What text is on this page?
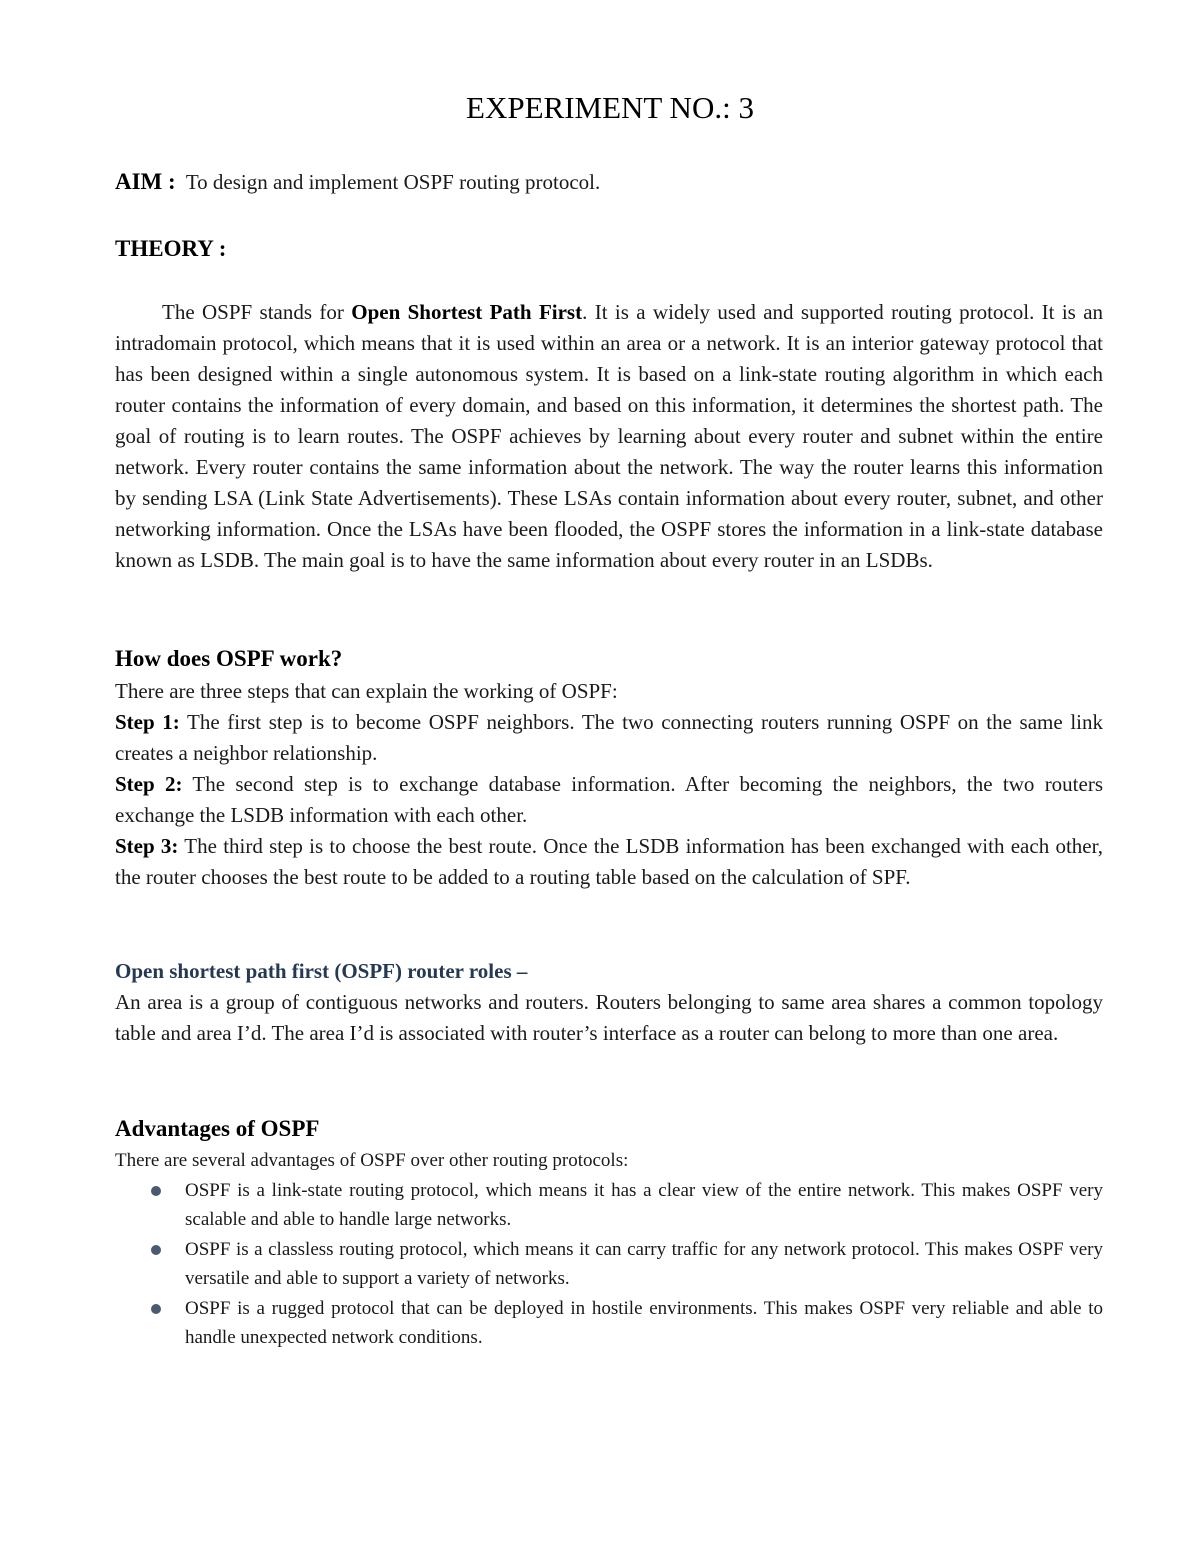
EXPERIMENT NO.: 3
AIM : To design and implement OSPF routing protocol.
THEORY :

The OSPF stands for Open Shortest Path First. It is a widely used and supported routing protocol. It is an intradomain protocol, which means that it is used within an area or a network. It is an interior gateway protocol that has been designed within a single autonomous system. It is based on a link-state routing algorithm in which each router contains the information of every domain, and based on this information, it determines the shortest path. The goal of routing is to learn routes. The OSPF achieves by learning about every router and subnet within the entire network. Every router contains the same information about the network. The way the router learns this information by sending LSA (Link State Advertisements). These LSAs contain information about every router, subnet, and other networking information. Once the LSAs have been flooded, the OSPF stores the information in a link-state database known as LSDB. The main goal is to have the same information about every router in an LSDBs.

How does OSPF work?

There are three steps that can explain the working of OSPF:

Step 1: The first step is to become OSPF neighbors. The two connecting routers running OSPF on the same link creates a neighbor relationship.

Step 2: The second step is to exchange database information. After becoming the neighbors, the two routers exchange the LSDB information with each other.

Step 3: The third step is to choose the best route. Once the LSDB information has been exchanged with each other, the router chooses the best route to be added to a routing table based on the calculation of SPF.

Open shortest path first (OSPF) router roles –

An area is a group of contiguous networks and routers. Routers belonging to same area shares a common topology table and area I’d. The area I’d is associated with router’s interface as a router can belong to more than one area.

Advantages of OSPF
There are several advantages of OSPF over other routing protocols:
OSPF is a link-state routing protocol, which means it has a clear view of the entire network. This makes OSPF very scalable and able to handle large networks.
OSPF is a classless routing protocol, which means it can carry traffic for any network protocol. This makes OSPF very versatile and able to support a variety of networks.
OSPF is a rugged protocol that can be deployed in hostile environments. This makes OSPF very reliable and able to handle unexpected network conditions.
